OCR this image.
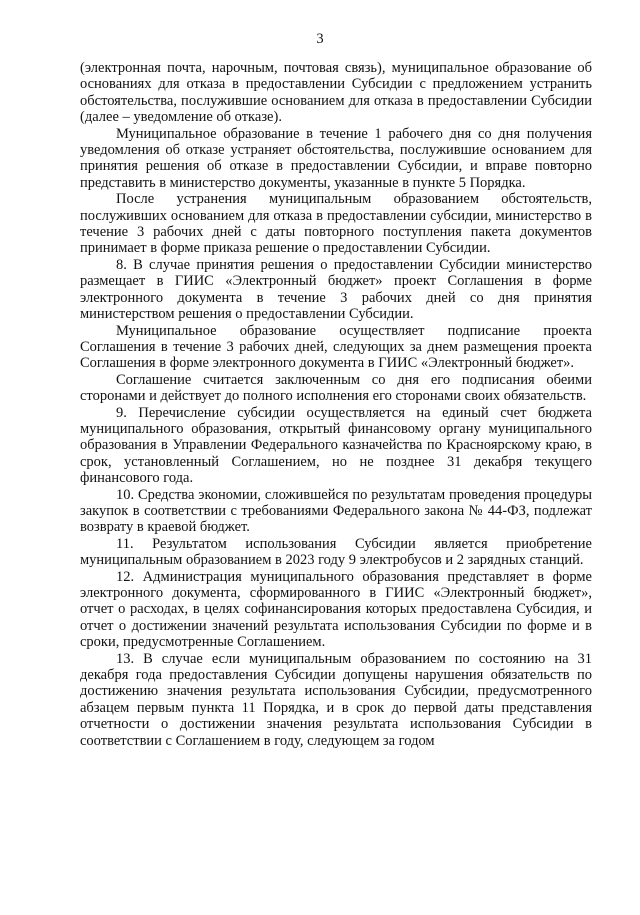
3

(электронная почта, нарочным, почтовая связь), муниципальное образование об основаниях для отказа в предоставлении Субсидии с предложением устранить обстоятельства, послужившие основанием для отказа в предоставлении Субсидии (далее – уведомление об отказе).

Муниципальное образование в течение 1 рабочего дня со дня получения уведомления об отказе устраняет обстоятельства, послужившие основанием для принятия решения об отказе в предоставлении Субсидии, и вправе повторно представить в министерство документы, указанные в пункте 5 Порядка.

После устранения муниципальным образованием обстоятельств, послуживших основанием для отказа в предоставлении субсидии, министерство в течение 3 рабочих дней с даты повторного поступления пакета документов принимает в форме приказа решение о предоставлении Субсидии.

8. В случае принятия решения о предоставлении Субсидии министерство размещает в ГИИС «Электронный бюджет» проект Соглашения в форме электронного документа в течение 3 рабочих дней со дня принятия министерством решения о предоставлении Субсидии.

Муниципальное образование осуществляет подписание проекта Соглашения в течение 3 рабочих дней, следующих за днем размещения проекта Соглашения в форме электронного документа в ГИИС «Электронный бюджет».

Соглашение считается заключенным со дня его подписания обеими сторонами и действует до полного исполнения его сторонами своих обязательств.

9. Перечисление субсидии осуществляется на единый счет бюджета муниципального образования, открытый финансовому органу муниципального образования в Управлении Федерального казначейства по Красноярскому краю, в срок, установленный Соглашением, но не позднее 31 декабря текущего финансового года.

10. Средства экономии, сложившейся по результатам проведения процедуры закупок в соответствии с требованиями Федерального закона № 44-ФЗ, подлежат возврату в краевой бюджет.

11. Результатом использования Субсидии является приобретение муниципальным образованием в 2023 году 9 электробусов и 2 зарядных станций.

12. Администрация муниципального образования представляет в форме электронного документа, сформированного в ГИИС «Электронный бюджет», отчет о расходах, в целях софинансирования которых предоставлена Субсидия, и отчет о достижении значений результата использования Субсидии по форме и в сроки, предусмотренные Соглашением.

13. В случае если муниципальным образованием по состоянию на 31 декабря года предоставления Субсидии допущены нарушения обязательств по достижению значения результата использования Субсидии, предусмотренного абзацем первым пункта 11 Порядка, и в срок до первой даты представления отчетности о достижении значения результата использования Субсидии в соответствии с Соглашением в году, следующем за годом
